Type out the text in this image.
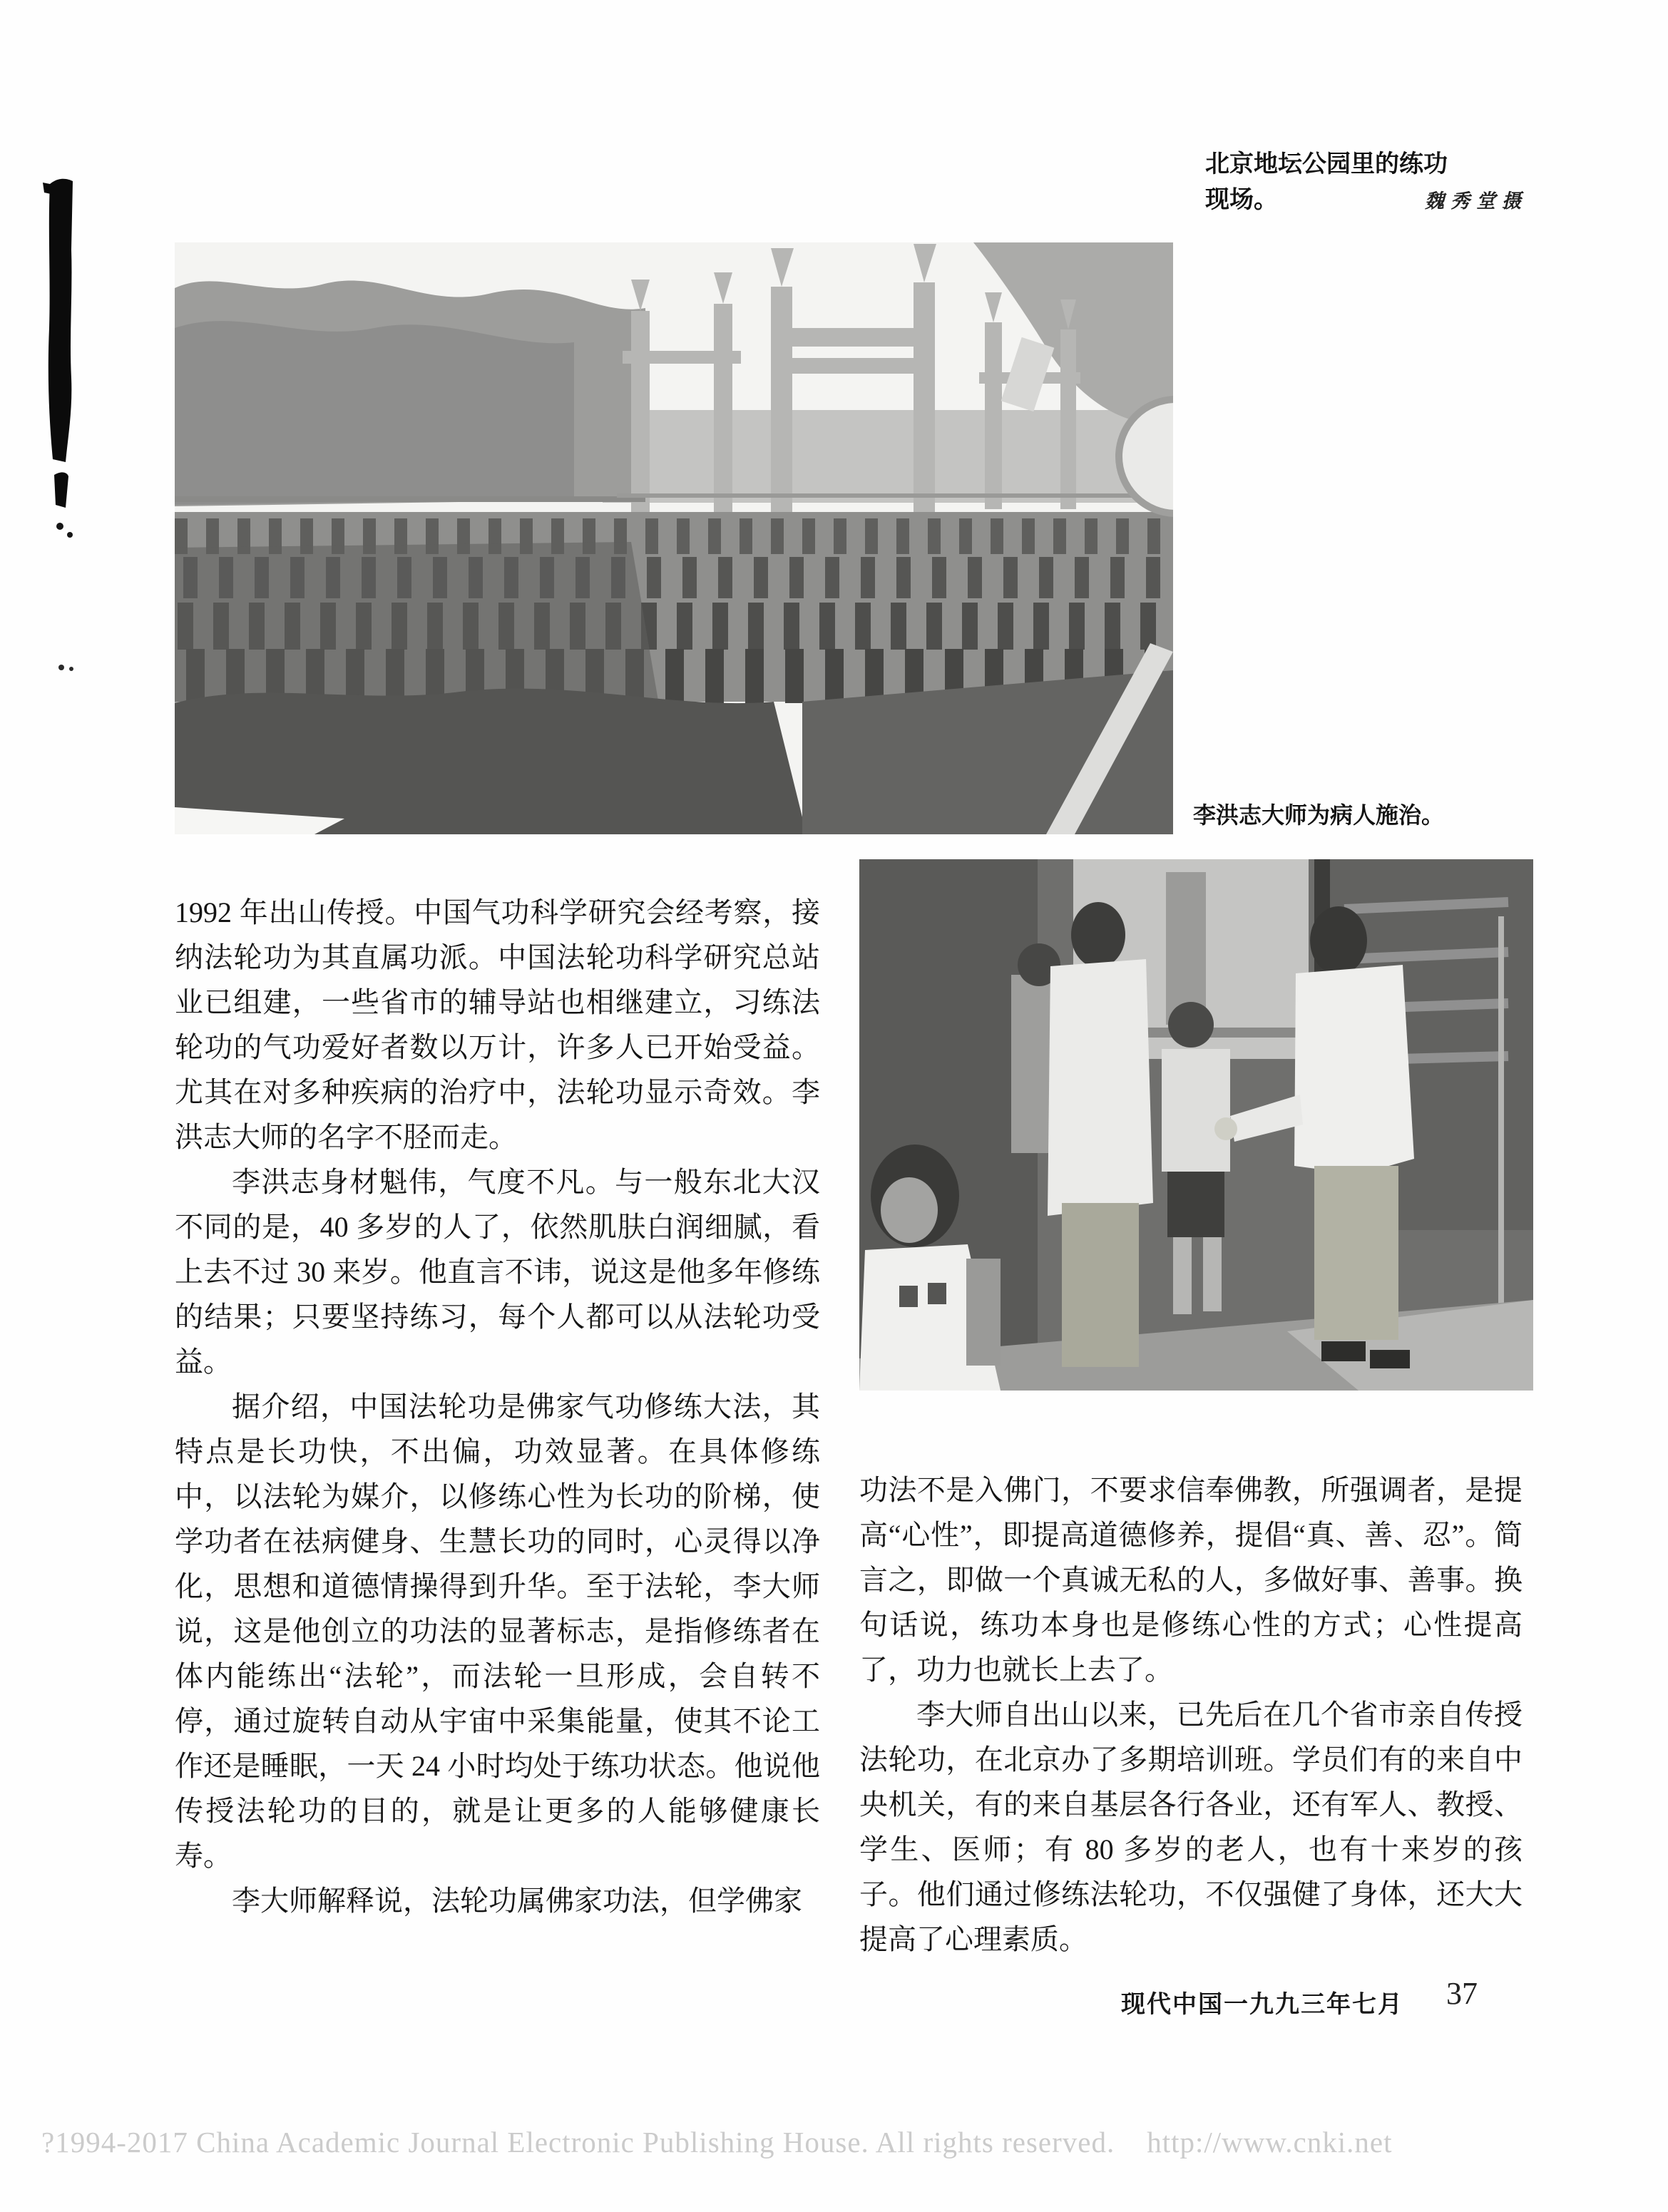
北京地坛公园里的练功
现场。	魏秀堂摄
李洪志大师为病人施治。

1992 年出山传授。中国气功科学研究会经考察，接纳法轮功为其直属功派。中国法轮功科学研究总站业已组建，一些省市的辅导站也相继建立，习练法轮功的气功爱好者数以万计，许多人已开始受益。尤其在对多种疾病的治疗中，法轮功显示奇效。李洪志大师的名字不胫而走。

李洪志身材魁伟，气度不凡。与一般东北大汉不同的是，40 多岁的人了，依然肌肤白润细腻，看上去不过 30 来岁。他直言不讳，说这是他多年修练的结果；只要坚持练习，每个人都可以从法轮功受益。

据介绍，中国法轮功是佛家气功修练大法，其特点是长功快，不出偏，功效显著。在具体修练中，以法轮为媒介，以修练心性为长功的阶梯，使学功者在祛病健身、生慧长功的同时，心灵得以净化，思想和道德情操得到升华。至于法轮，李大师说，这是他创立的功法的显著标志，是指修练者在体内能练出“法轮”，而法轮一旦形成，会自转不停，通过旋转自动从宇宙中采集能量，使其不论工作还是睡眠，一天 24 小时均处于练功状态。他说他传授法轮功的目的，就是让更多的人能够健康长寿。

李大师解释说，法轮功属佛家功法，但学佛家

功法不是入佛门，不要求信奉佛教，所强调者，是提高“心性”，即提高道德修养，提倡“真、善、忍”。简言之，即做一个真诚无私的人，多做好事、善事。换句话说，练功本身也是修练心性的方式；心性提高了，功力也就长上去了。

李大师自出山以来，已先后在几个省市亲自传授法轮功，在北京办了多期培训班。学员们有的来自中央机关，有的来自基层各行各业，还有军人、教授、学生、医师；有 80 多岁的老人，也有十来岁的孩子。他们通过修练法轮功，不仅强健了身体，还大大提高了心理素质。

现代中国一九九三年七月 37
?1994-2017 China Academic Journal Electronic Publishing House. All rights reserved.    http://www.cnki.net
